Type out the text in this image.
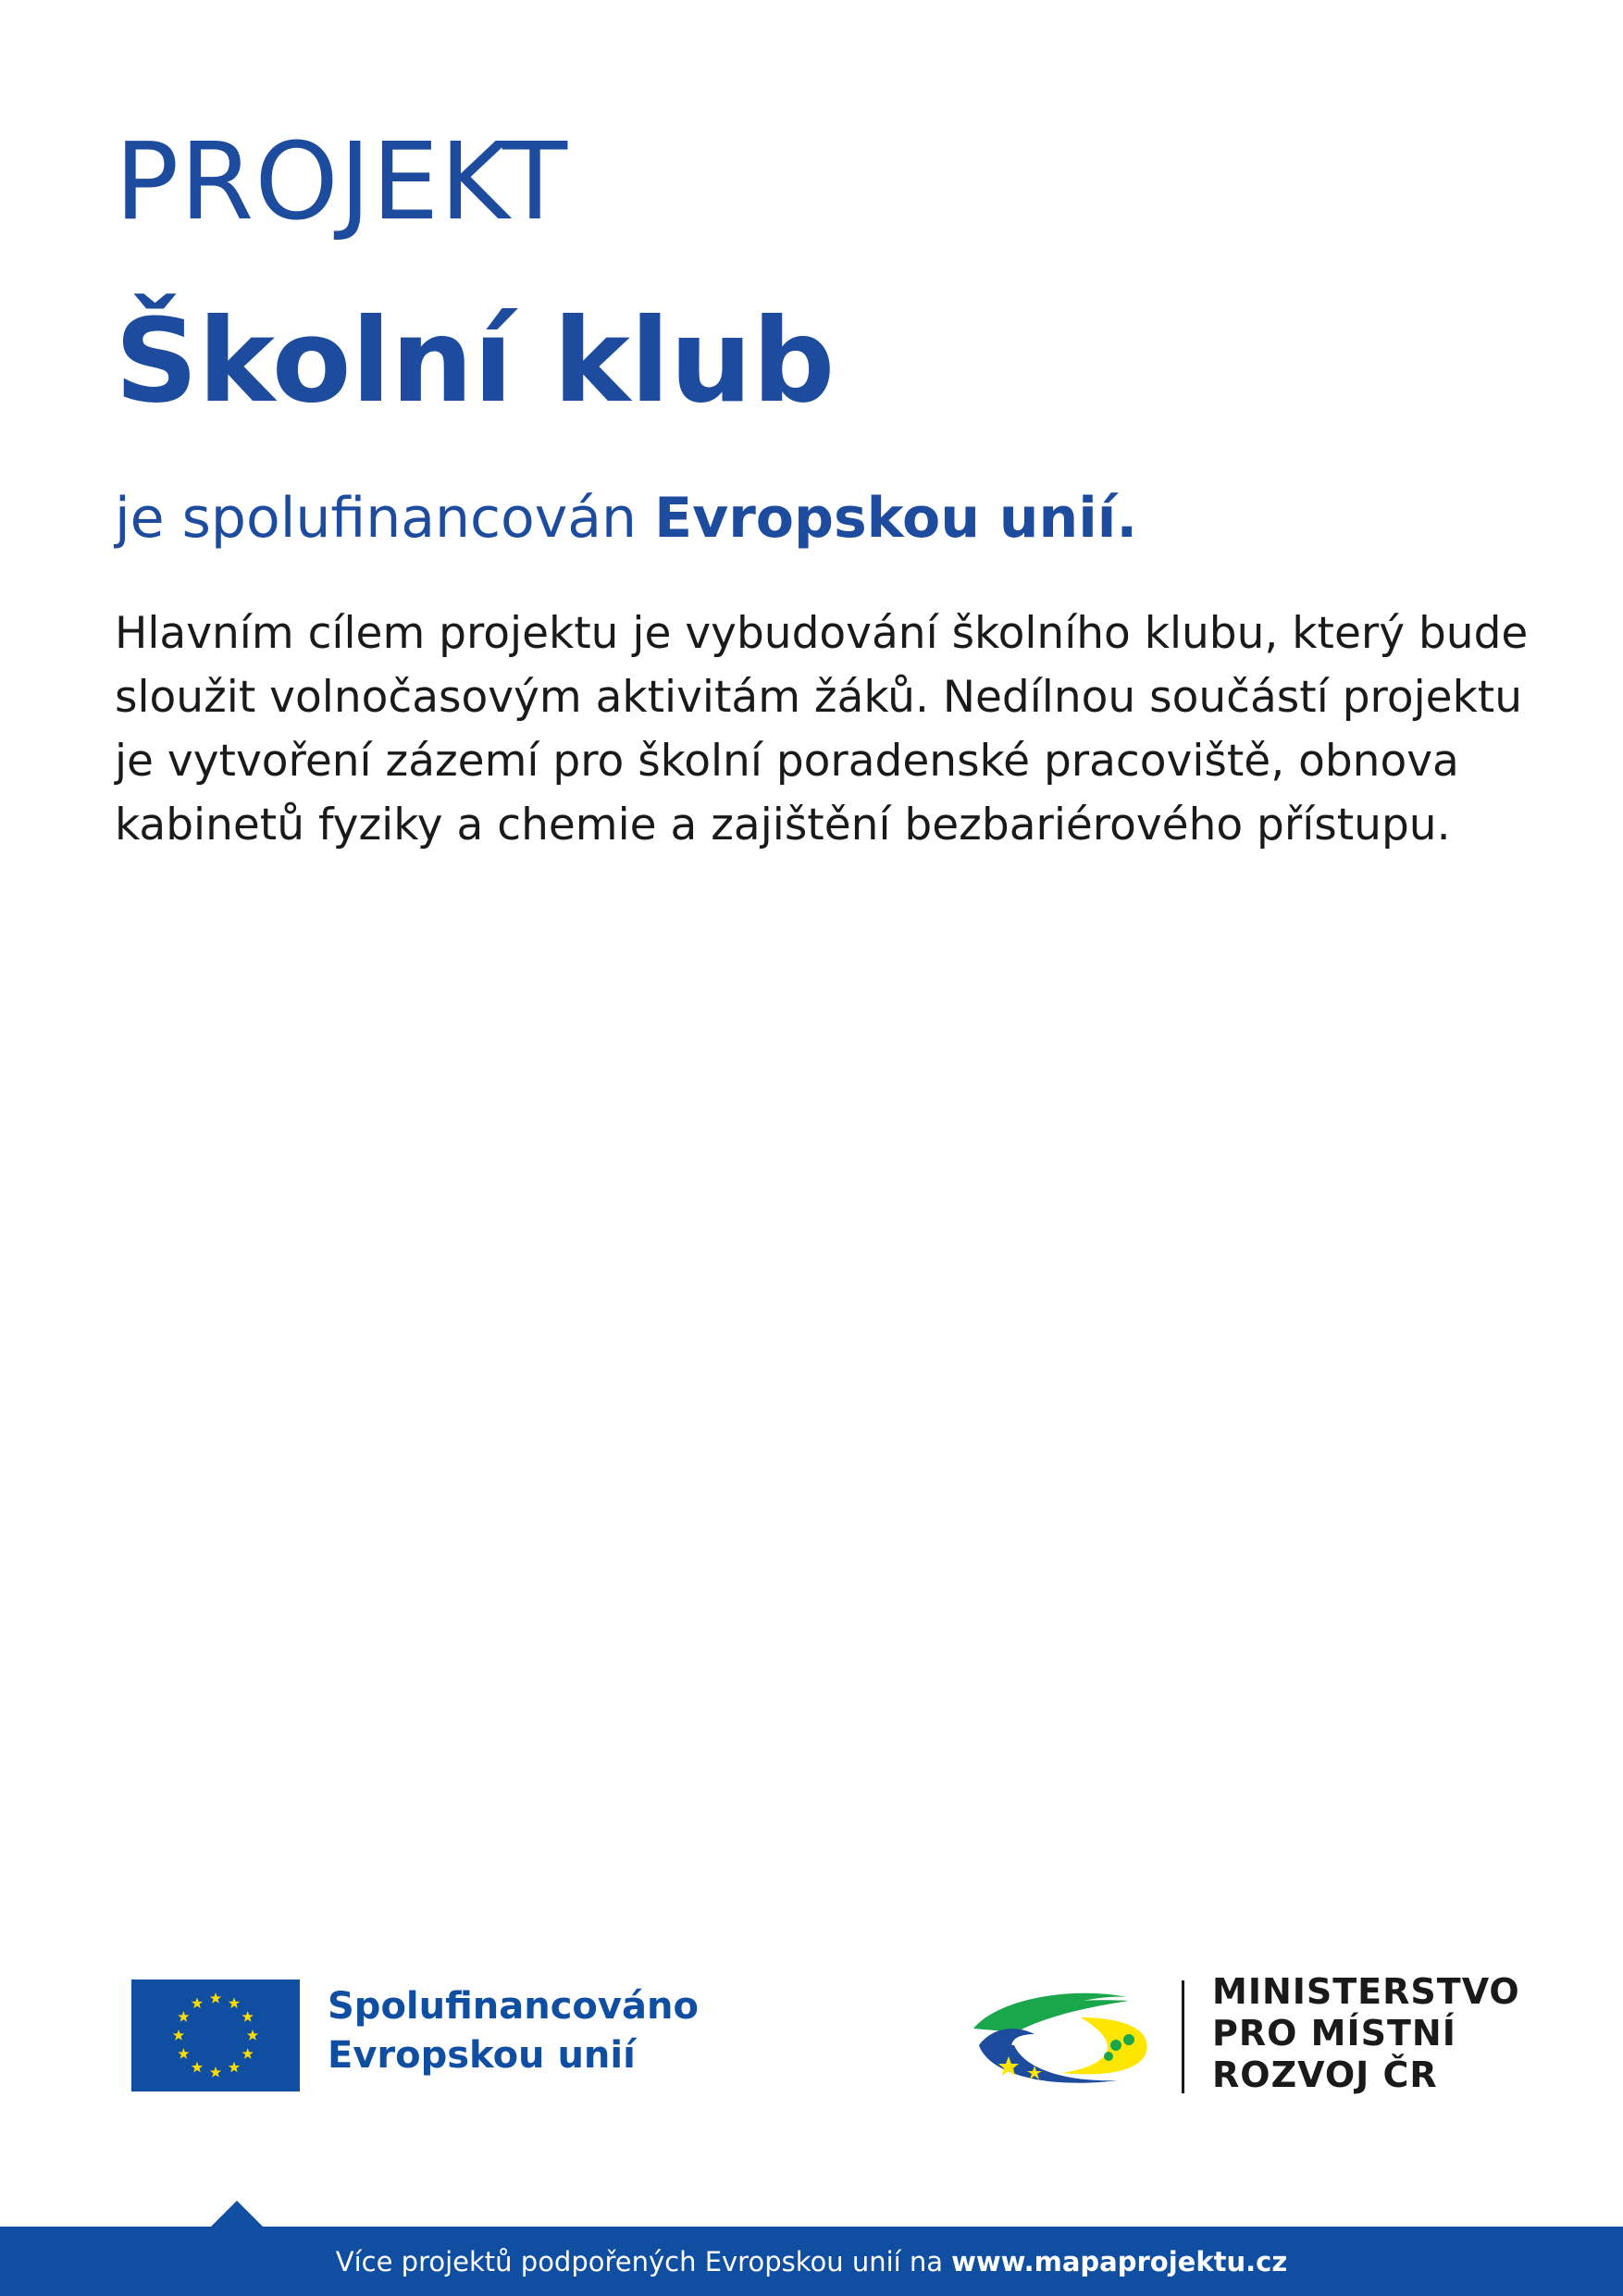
PROJEKT
Školní klub

je spolufinancován Evropskou unií.

Hlavním cílem projektu je vybudování školního klubu, který bude sloužit volnočasovým aktivitám žáků. Nedílnou součástí projektu je vytvoření zázemí pro školní poradenské pracoviště, obnova kabinetů fyziky a chemie a zajištění bezbariérového přístupu.

Spolufinancováno
Evropskou unií
MINISTERSTVO
PRO MÍSTNÍ
ROZVOJ ČR
Více projektů podpořených Evropskou unií na www.mapaprojektu.cz
